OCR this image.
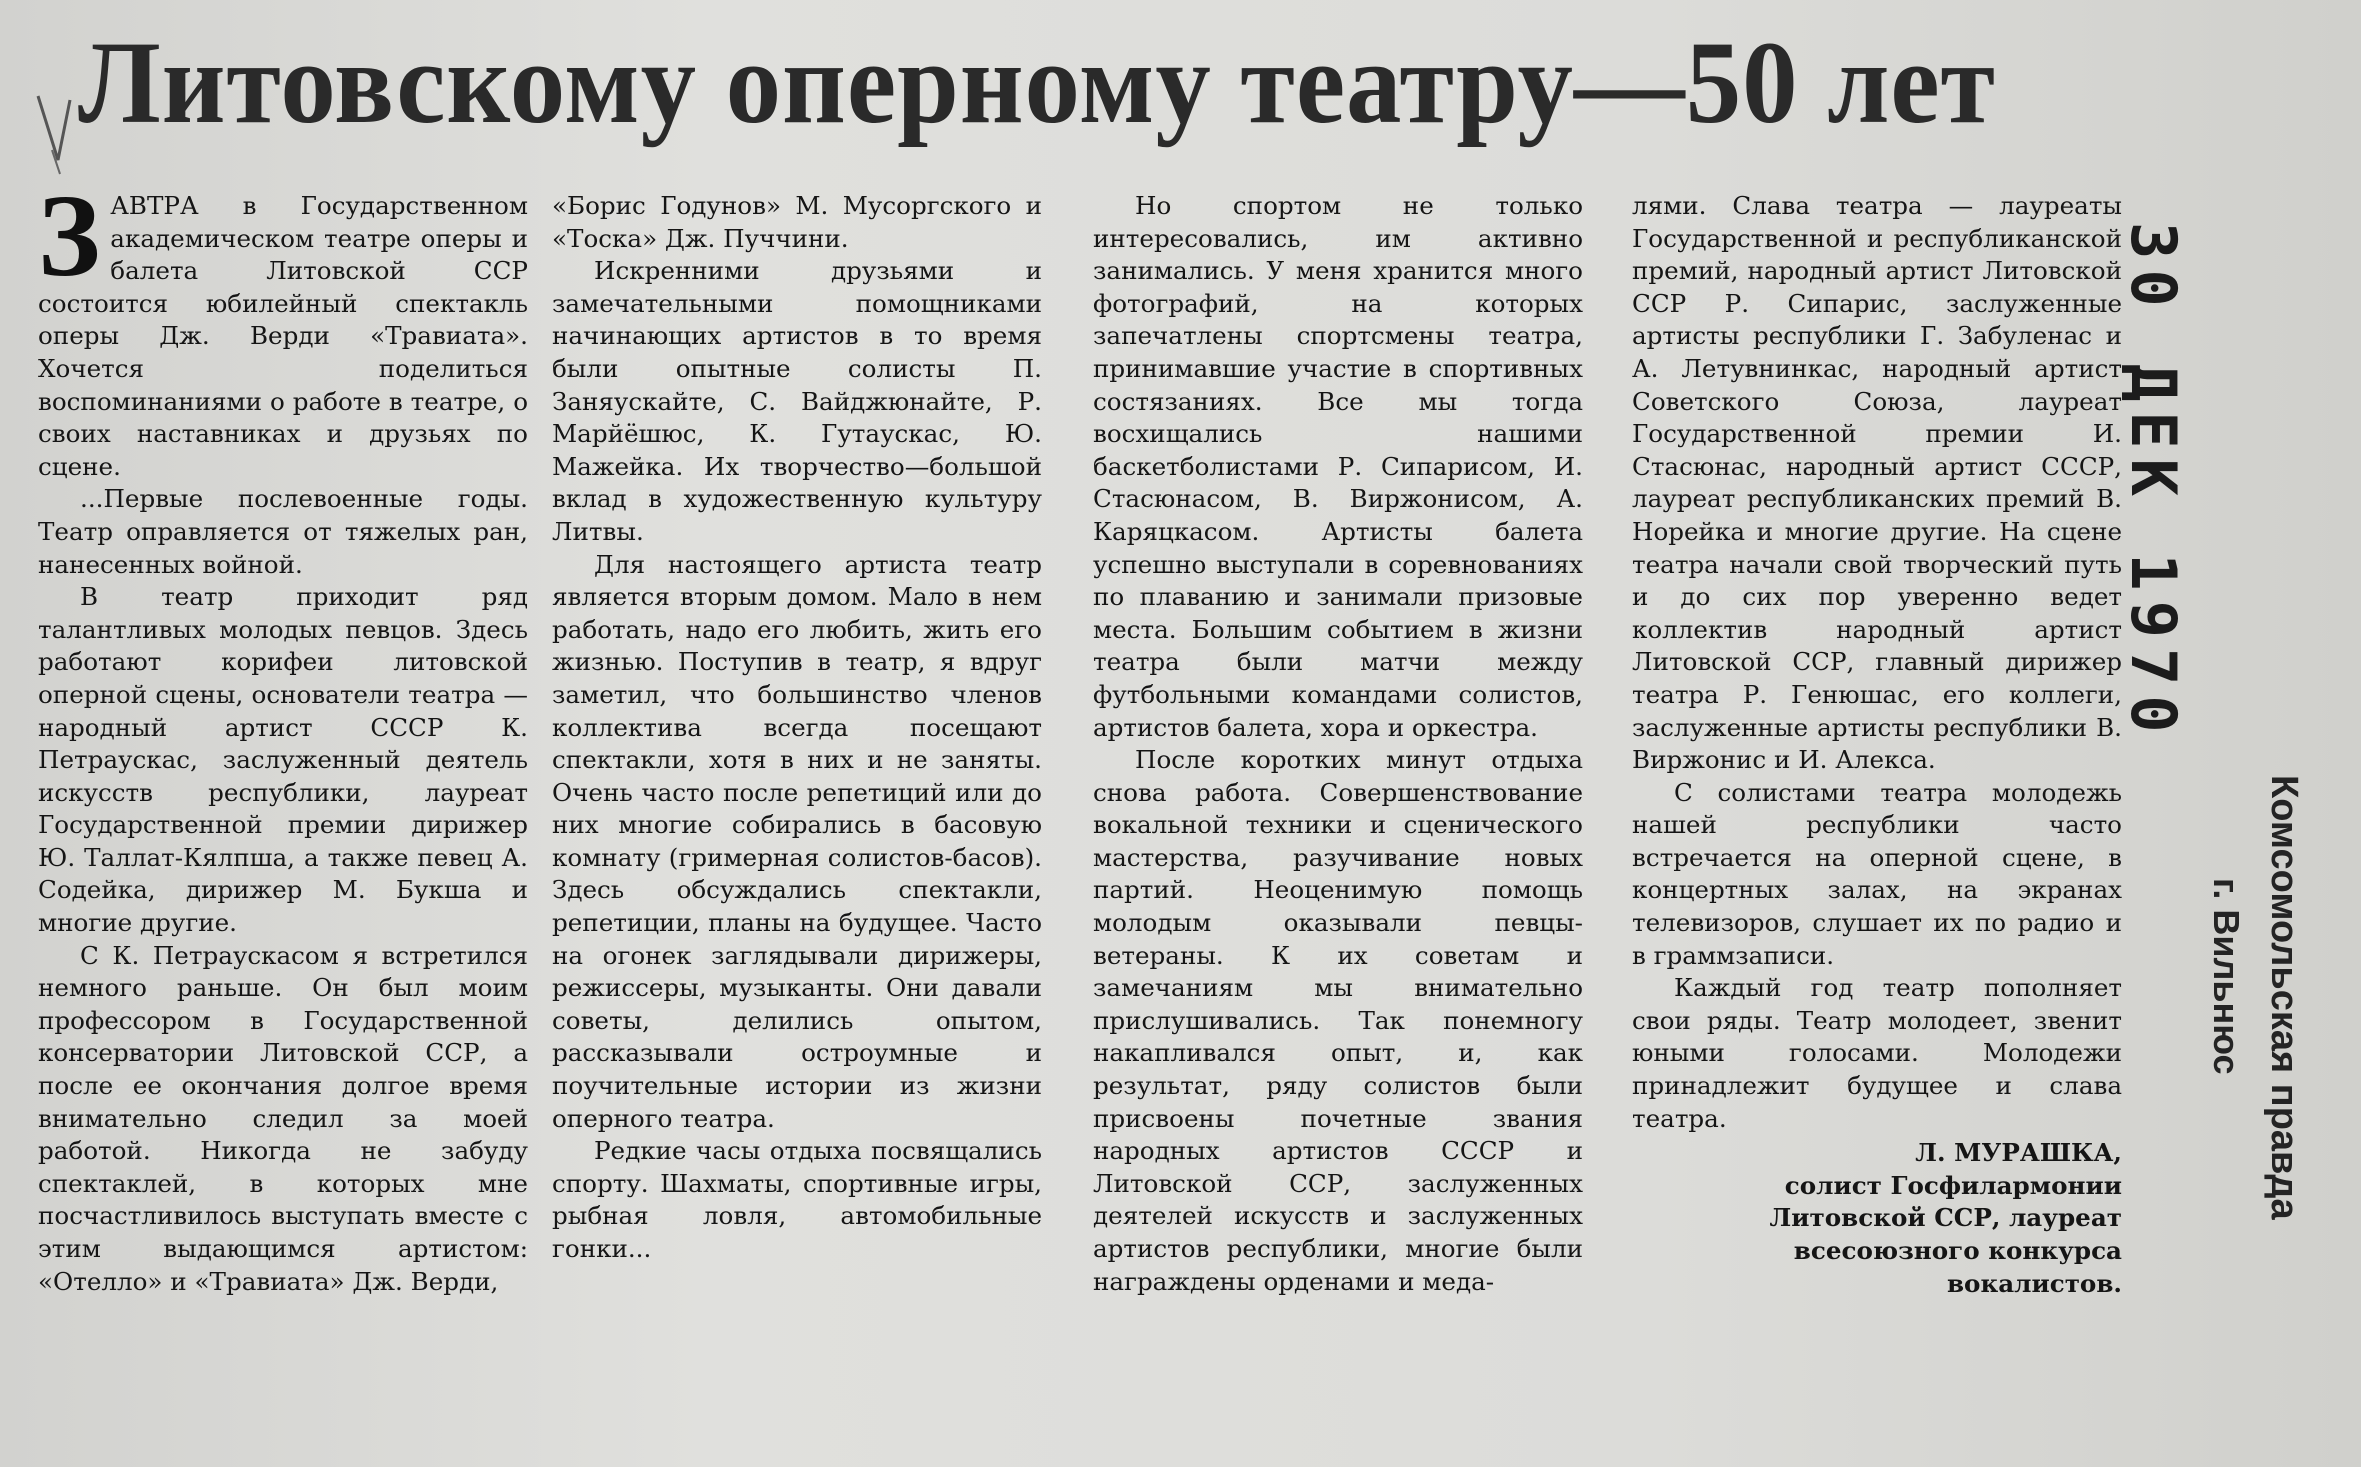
Литовскому оперному театру—50 лет

ЗАВТРА в Государственном академическом театре оперы и балета Литовской ССР состоится юбилейный спектакль оперы Дж. Верди «Травиата». Хочется поделиться воспоминаниями о работе в театре, о своих наставниках и друзьях по сцене.

...Первые послевоенные годы. Театр оправляется от тяжелых ран, нанесенных войной.

В театр приходит ряд талантливых молодых певцов. Здесь работают корифеи литовской оперной сцены, основатели театра — народный артист СССР К. Петраускас, заслуженный деятель искусств республики, лауреат Государственной премии дирижер Ю. Таллат-Кялпша, а также певец А. Содейка, дирижер М. Букша и многие другие.

С К. Петраускасом я встретился немного раньше. Он был моим профессором в Государственной консерватории Литовской ССР, а после ее окончания долгое время внимательно следил за моей работой. Никогда не забуду спектаклей, в которых мне посчастливилось выступать вместе с этим выдающимся артистом: «Отелло» и «Травиата» Дж. Верди,

«Борис Годунов» М. Мусоргского и «Тоска» Дж. Пуччини.

Искренними друзьями и замечательными помощниками начинающих артистов в то время были опытные солисты П. Заняускайте, С. Вайджюнайте, Р. Марйёшюс, К. Гутаускас, Ю. Мажейка. Их творчество—большой вклад в художественную культуру Литвы.

Для настоящего артиста театр является вторым домом. Мало в нем работать, надо его любить, жить его жизнью. Поступив в театр, я вдруг заметил, что большинство членов коллектива всегда посещают спектакли, хотя в них и не заняты. Очень часто после репетиций или до них многие собирались в басовую комнату (гримерная солистов-басов). Здесь обсуждались спектакли, репетиции, планы на будущее. Часто на огонек заглядывали дирижеры, режиссеры, музыканты. Они давали советы, делились опытом, рассказывали остроумные и поучительные истории из жизни оперного театра.

Редкие часы отдыха посвящались спорту. Шахматы, спортивные игры, рыбная ловля, автомобильные гонки...

Но спортом не только интересовались, им активно занимались. У меня хранится много фотографий, на которых запечатлены спортсмены театра, принимавшие участие в спортивных состязаниях. Все мы тогда восхищались нашими баскетболистами Р. Сипарисом, И. Стасюнасом, В. Виржонисом, А. Каряцкасом. Артисты балета успешно выступали в соревнованиях по плаванию и занимали призовые места. Большим событием в жизни театра были матчи между футбольными командами солистов, артистов балета, хора и оркестра.

После коротких минут отдыха снова работа. Совершенствование вокальной техники и сценического мастерства, разучивание новых партий. Неоценимую помощь молодым оказывали певцы-ветераны. К их советам и замечаниям мы внимательно прислушивались. Так понемногу накапливался опыт, и, как результат, ряду солистов были присвоены почетные звания народных артистов СССР и Литовской ССР, заслуженных деятелей искусств и заслуженных артистов республики, многие были награждены орденами и меда-

лями. Слава театра — лауреаты Государственной и республиканской премий, народный артист Литовской ССР Р. Сипарис, заслуженные артисты республики Г. Забуленас и А. Летувнинкас, народный артист Советского Союза, лауреат Государственной премии И. Стасюнас, народный артист СССР, лауреат республиканских премий В. Норейка и многие другие. На сцене театра начали свой творческий путь и до сих пор уверенно ведет коллектив народный артист Литовской ССР, главный дирижер театра Р. Генюшас, его коллеги, заслуженные артисты республики В. Виржонис и И. Алекса.

С солистами театра молодежь нашей республики часто встречается на оперной сцене, в концертных залах, на экранах телевизоров, слушает их по радио и в граммзаписи.

Каждый год театр пополняет свои ряды. Театр молодеет, звенит юными голосами. Молодежи принадлежит будущее и слава театра.

Л. МУРАШКА,
солист Госфилармонии Литовской ССР, лауреат всесоюзного конкурса вокалистов.
30 ДЕК 1970
Комсомольская правда
г. Вильнюс
